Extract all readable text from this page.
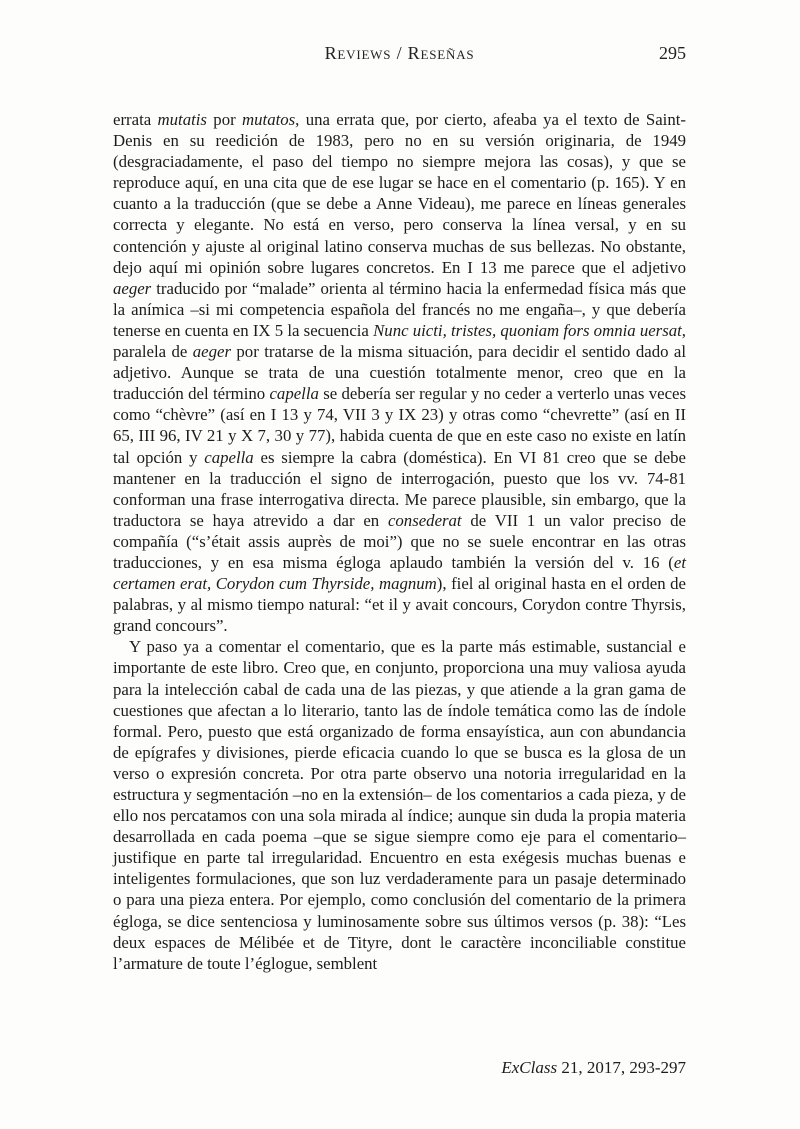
Reviews / Reseñas	295

errata mutatis por mutatos, una errata que, por cierto, afeaba ya el texto de Saint-Denis en su reedición de 1983, pero no en su versión originaria, de 1949 (desgraciadamente, el paso del tiempo no siempre mejora las cosas), y que se reproduce aquí, en una cita que de ese lugar se hace en el comentario (p. 165). Y en cuanto a la traducción (que se debe a Anne Videau), me parece en líneas generales correcta y elegante. No está en verso, pero conserva la línea versal, y en su contención y ajuste al original latino conserva muchas de sus bellezas. No obstante, dejo aquí mi opinión sobre lugares concretos. En I 13 me parece que el adjetivo aeger traducido por “malade” orienta al término hacia la enfermedad física más que la anímica –si mi competencia española del francés no me engaña–, y que debería tenerse en cuenta en IX 5 la secuencia Nunc uicti, tristes, quoniam fors omnia uersat, paralela de aeger por tratarse de la misma situación, para decidir el sentido dado al adjetivo. Aunque se trata de una cuestión totalmente menor, creo que en la traducción del término capella se debería ser regular y no ceder a verterlo unas veces como “chèvre” (así en I 13 y 74, VII 3 y IX 23) y otras como “chevrette” (así en II 65, III 96, IV 21 y X 7, 30 y 77), habida cuenta de que en este caso no existe en latín tal opción y capella es siempre la cabra (doméstica). En VI 81 creo que se debe mantener en la traducción el signo de interrogación, puesto que los vv. 74-81 conforman una frase interrogativa directa. Me parece plausible, sin embargo, que la traductora se haya atrevido a dar en consederat de VII 1 un valor preciso de compañía (“s’était assis auprès de moi”) que no se suele encontrar en las otras traducciones, y en esa misma égloga aplaudo también la versión del v. 16 (et certamen erat, Corydon cum Thyrside, magnum), fiel al original hasta en el orden de palabras, y al mismo tiempo natural: “et il y avait concours, Corydon contre Thyrsis, grand concours”.

Y paso ya a comentar el comentario, que es la parte más estimable, sustancial e importante de este libro. Creo que, en conjunto, proporciona una muy valiosa ayuda para la intelección cabal de cada una de las piezas, y que atiende a la gran gama de cuestiones que afectan a lo literario, tanto las de índole temática como las de índole formal. Pero, puesto que está organizado de forma ensayística, aun con abundancia de epígrafes y divisiones, pierde eficacia cuando lo que se busca es la glosa de un verso o expresión concreta. Por otra parte observo una notoria irregularidad en la estructura y segmentación –no en la extensión– de los comentarios a cada pieza, y de ello nos percatamos con una sola mirada al índice; aunque sin duda la propia materia desarrollada en cada poema –que se sigue siempre como eje para el comentario– justifique en parte tal irregularidad. Encuentro en esta exégesis muchas buenas e inteligentes formulaciones, que son luz verdaderamente para un pasaje determinado o para una pieza entera. Por ejemplo, como conclusión del comentario de la primera égloga, se dice sentenciosa y luminosamente sobre sus últimos versos (p. 38): “Les deux espaces de Mélibée et de Tityre, dont le caractère inconciliable constitue l’armature de toute l’églogue, semblent

ExClass 21, 2017, 293-297
